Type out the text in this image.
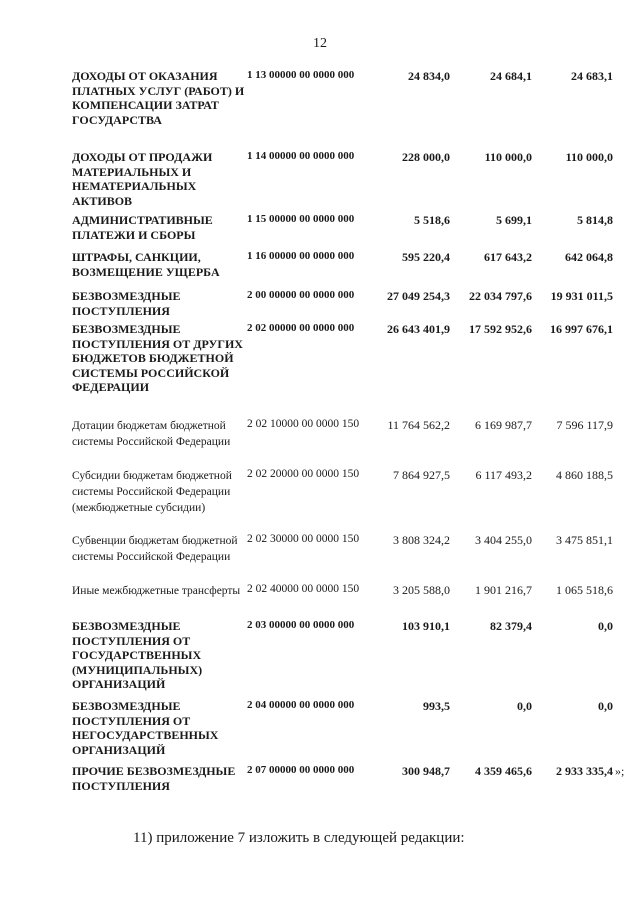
12
ДОХОДЫ ОТ ОКАЗАНИЯ ПЛАТНЫХ УСЛУГ (РАБОТ) И КОМПЕНСАЦИИ ЗАТРАТ ГОСУДАРСТВА
1 13 00000 00 0000 000	24 834,0	24 684,1	24 683,1
ДОХОДЫ ОТ ПРОДАЖИ МАТЕРИАЛЬНЫХ И НЕМАТЕРИАЛЬНЫХ АКТИВОВ
1 14 00000 00 0000 000	228 000,0	110 000,0	110 000,0
АДМИНИСТРАТИВНЫЕ ПЛАТЕЖИ И СБОРЫ
1 15 00000 00 0000 000	5 518,6	5 699,1	5 814,8
ШТРАФЫ, САНКЦИИ, ВОЗМЕЩЕНИЕ УЩЕРБА
1 16 00000 00 0000 000	595 220,4	617 643,2	642 064,8
БЕЗВОЗМЕЗДНЫЕ ПОСТУПЛЕНИЯ
2 00 00000 00 0000 000	27 049 254,3	22 034 797,6	19 931 011,5
БЕЗВОЗМЕЗДНЫЕ ПОСТУПЛЕНИЯ ОТ ДРУГИХ БЮДЖЕТОВ БЮДЖЕТНОЙ СИСТЕМЫ РОССИЙСКОЙ ФЕДЕРАЦИИ
2 02 00000 00 0000 000	26 643 401,9	17 592 952,6	16 997 676,1
Дотации бюджетам бюджетной системы Российской Федерации
2 02 10000 00 0000 150	11 764 562,2	6 169 987,7	7 596 117,9
Субсидии бюджетам бюджетной системы Российской Федерации (межбюджетные субсидии)
2 02 20000 00 0000 150	7 864 927,5	6 117 493,2	4 860 188,5
Субвенции бюджетам бюджетной системы Российской Федерации
2 02 30000 00 0000 150	3 808 324,2	3 404 255,0	3 475 851,1
Иные межбюджетные трансферты 2 02 40000 00 0000 150	3 205 588,0	1 901 216,7	1 065 518,6
БЕЗВОЗМЕЗДНЫЕ ПОСТУПЛЕНИЯ ОТ ГОСУДАРСТВЕННЫХ (МУНИЦИПАЛЬНЫХ) ОРГАНИЗАЦИЙ
2 03 00000 00 0000 000	103 910,1	82 379,4	0,0
БЕЗВОЗМЕЗДНЫЕ ПОСТУПЛЕНИЯ ОТ НЕГОСУДАРСТВЕННЫХ ОРГАНИЗАЦИЙ
2 04 00000 00 0000 000	993,5	0,0	0,0
ПРОЧИЕ БЕЗВОЗМЕЗДНЫЕ ПОСТУПЛЕНИЯ
2 07 00000 00 0000 000	300 948,7	4 359 465,6	2 933 335,4 »;
11) приложение 7 изложить в следующей редакции:
